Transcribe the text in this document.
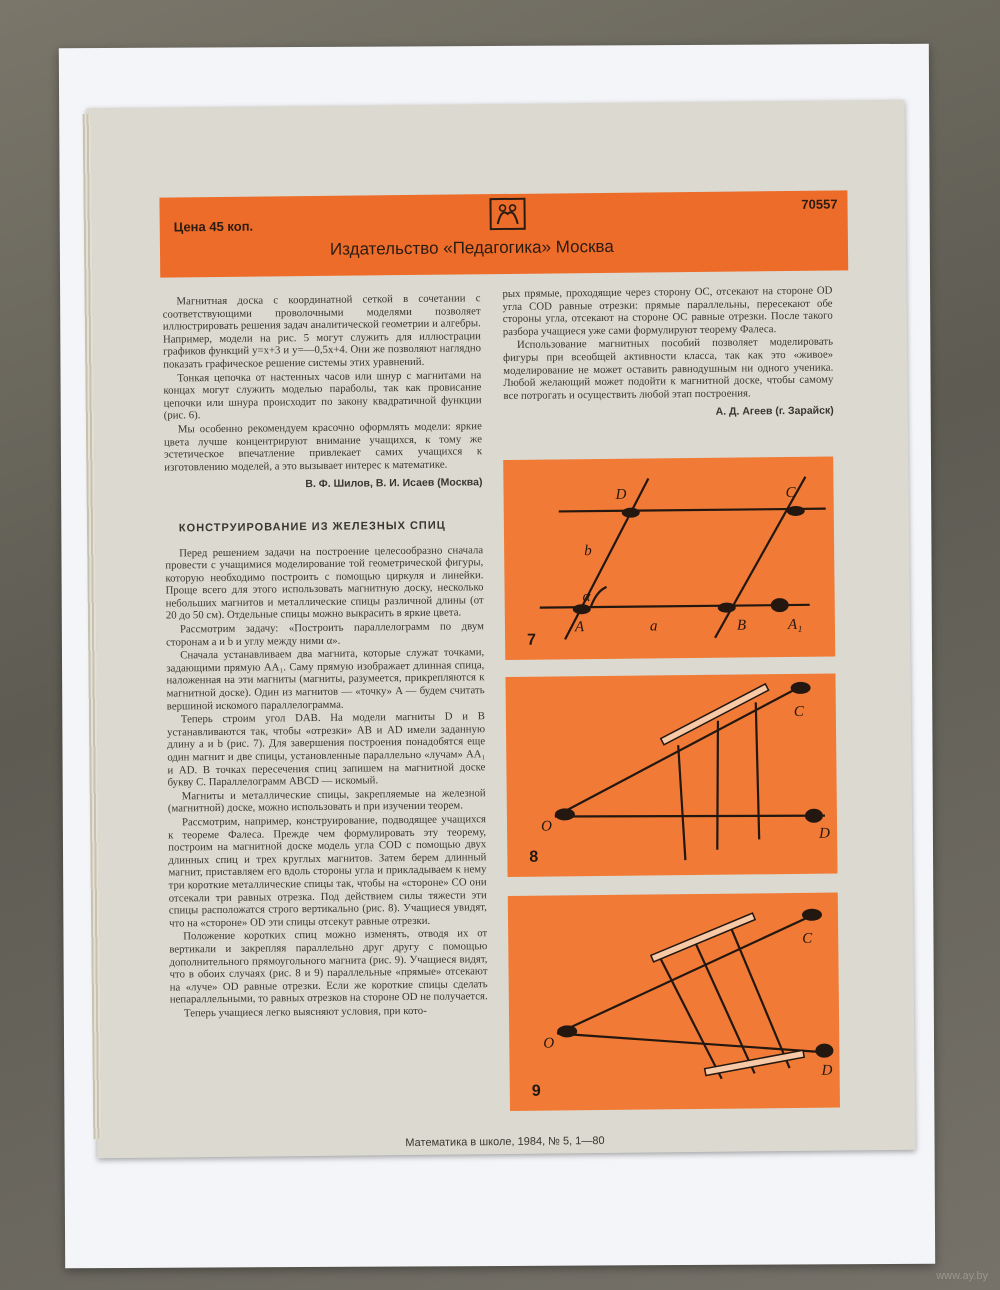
Цена 45 коп.
70557
Издательство «Педагогика» Москва

Магнитная доска с координатной сеткой в сочетании с соответствующими проволочными моделями позволяет иллюстрировать решения задач аналитической геометрии и алгебры. Например, модели на рис. 5 могут служить для иллюстрации графиков функций y=x+3 и y=—0,5x+4. Они же позволяют наглядно показать графическое решение системы этих уравнений.

Тонкая цепочка от настенных часов или шнур с магнитами на концах могут служить моделью параболы, так как провисание цепочки или шнура происходит по закону квадратичной функции (рис. 6).

Мы особенно рекомендуем красочно оформлять модели: яркие цвета лучше концентрируют внимание учащихся, к тому же эстетическое впечатление привлекает самих учащихся к изготовлению моделей, а это вызывает интерес к математике.

В. Ф. Шилов, В. И. Исаев (Москва)

КОНСТРУИРОВАНИЕ ИЗ ЖЕЛЕЗНЫХ СПИЦ

Перед решением задачи на построение целесообразно сначала провести с учащимися моделирование той геометрической фигуры, которую необходимо построить с помощью циркуля и линейки. Проще всего для этого использовать магнитную доску, несколько небольших магнитов и металлические спицы различной длины (от 20 до 50 см). Отдельные спицы можно выкрасить в яркие цвета.

Рассмотрим задачу: «Построить параллелограмм по двум сторонам a и b и углу между ними α».

Сначала устанавливаем два магнита, которые служат точками, задающими прямую AA₁. Саму прямую изображает длинная спица, наложенная на эти магниты (магниты, разумеется, прикрепляются к магнитной доске). Один из магнитов — «точку» A — будем считать вершиной искомого параллелограмма.

Теперь строим угол DAB. На модели магниты D и B устанавливаются так, чтобы «отрезки» AB и AD имели заданную длину a и b (рис. 7). Для завершения построения понадобятся еще один магнит и две спицы, установленные параллельно «лучам» AA₁ и AD. В точках пересечения спиц запишем на магнитной доске букву C. Параллелограмм ABCD — искомый.

Магниты и металлические спицы, закрепляемые на железной (магнитной) доске, можно использовать и при изучении теорем.

Рассмотрим, например, конструирование, подводящее учащихся к теореме Фалеса. Прежде чем формулировать эту теорему, построим на магнитной доске модель угла COD с помощью двух длинных спиц и трех круглых магнитов. Затем берем длинный магнит, приставляем его вдоль стороны угла и прикладываем к нему три короткие металлические спицы так, чтобы на «стороне» CO они отсекали три равных отрезка. Под действием силы тяжести эти спицы расположатся строго вертикально (рис. 8). Учащиеся увидят, что на «стороне» OD эти спицы отсекут равные отрезки.

Положение коротких спиц можно изменять, отводя их от вертикали и закрепляя параллельно друг другу с помощью дополнительного прямоугольного магнита (рис. 9). Учащиеся видят, что в обоих случаях (рис. 8 и 9) параллельные «прямые» отсекают на «луче» OD равные отрезки. Если же короткие спицы сделать непараллельными, то равных отрезков на стороне OD не получается.

Теперь учащиеся легко выясняют условия, при кото-

рых прямые, проходящие через сторону OC, отсекают на стороне OD угла COD равные отрезки: прямые параллельны, пересекают обе стороны угла, отсекают на стороне OC равные отрезки. После такого разбора учащиеся уже сами формулируют теорему Фалеса.

Использование магнитных пособий позволяет моделировать фигуры при всеобщей активности класса, так как это «живое» моделирование не может оставить равнодушным ни одного ученика. Любой желающий может подойти к магнитной доске, чтобы самому все потрогать и осуществить любой этап построения.

А. Д. Агеев (г. Зарайск)

D	C
b
α
A	a	B	A₁
7
C
O	D
8
C
O
D
9
Математика в школе, 1984, № 5, 1—80
www.ay.by
